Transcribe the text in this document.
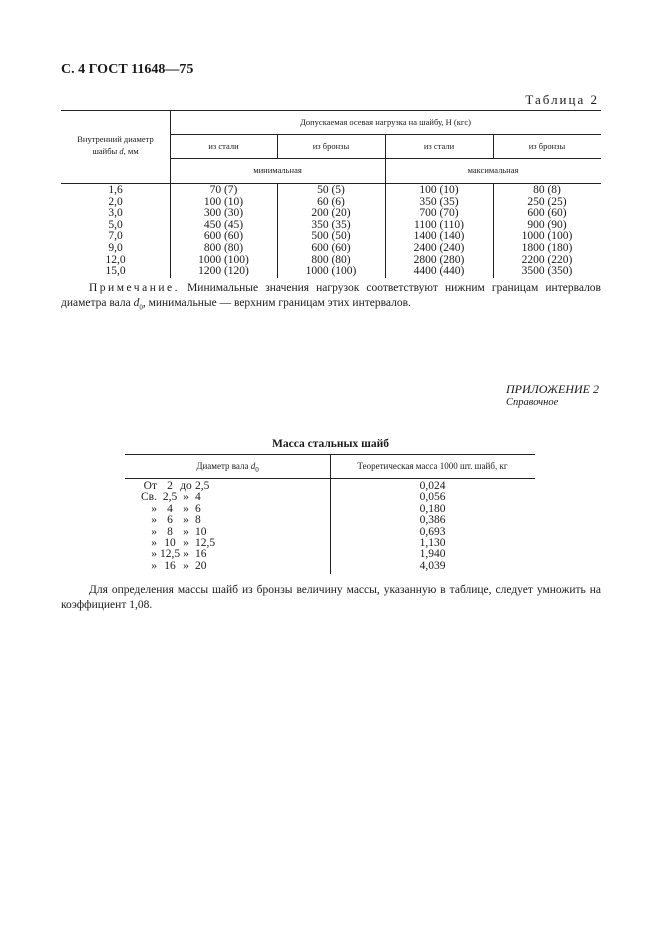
С. 4 ГОСТ 11648—75
Таблица 2
Внутренний диаметр
шайбы d, мм
Допускаемая осевая нагрузка на шайбу, Н (кгс)
из стали	из бронзы	из стали	из бронзы
минимальная	максимальная
1,6	70 (7)	50 (5)	100 (10)	80 (8)
2,0	100 (10)	60 (6)	350 (35)	250 (25)
3,0	300 (30)	200 (20)	700 (70)	600 (60)
5,0	450 (45)	350 (35)	1100 (110)	900 (90)
7,0	600 (60)	500 (50)	1400 (140)	1000 (100)
9,0	800 (80)	600 (60)	2400 (240)	1800 (180)
12,0	1000 (100)	800 (80)	2800 (280)	2200 (220)
15,0	1200 (120)	1000 (100)	4400 (440)	3500 (350)
Примечание. Минимальные значения нагрузок соответствуют нижним границам интервалов диаметра вала $d_0$, минимальные — верхним границам этих интервалов.
ПРИЛОЖЕНИЕ 2
Справочное
Масса стальных шайб
Диаметр вала $d_0$	Теоретическая масса 1000 шт. шайб, кг
От 2 до 2,5	0,024
Св. 2,5 » 4	0,056
» 4 » 6	0,180
» 6 » 8	0,386
» 8 » 10	0,693
» 10 » 12,5	1,130
» 12,5 » 16	1,940
» 16 » 20	4,039
Для определения массы шайб из бронзы величину массы, указанную в таблице, следует умножить на коэффициент 1,08.
